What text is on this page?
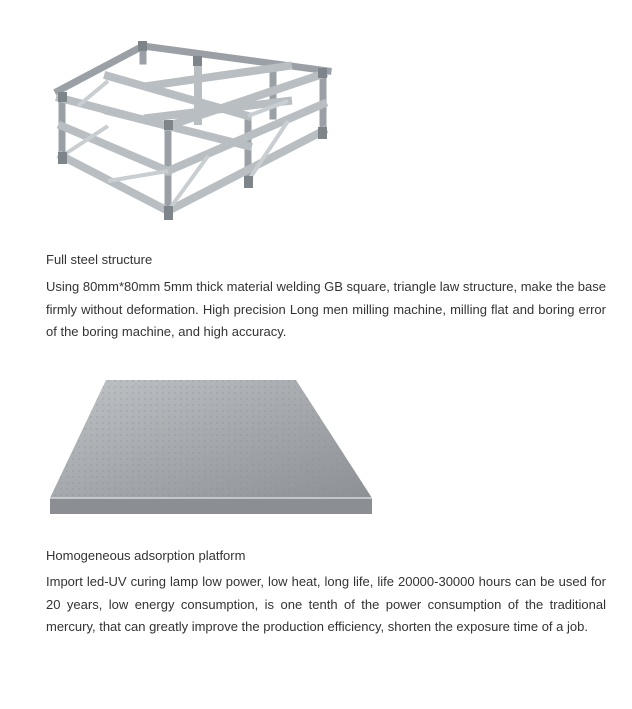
Full steel structure

Using 80mm*80mm 5mm thick material welding GB square, triangle law structure, make the base firmly without deformation. High precision Long men milling machine, milling flat and boring error of the boring machine, and high accuracy.

Homogeneous adsorption platform

Import led-UV curing lamp low power, low heat, long life, life 20000-30000 hours can be used for 20 years, low energy consumption, is one tenth of the power consumption of the traditional mercury, that can greatly improve the production efficiency, shorten the exposure time of a job.
